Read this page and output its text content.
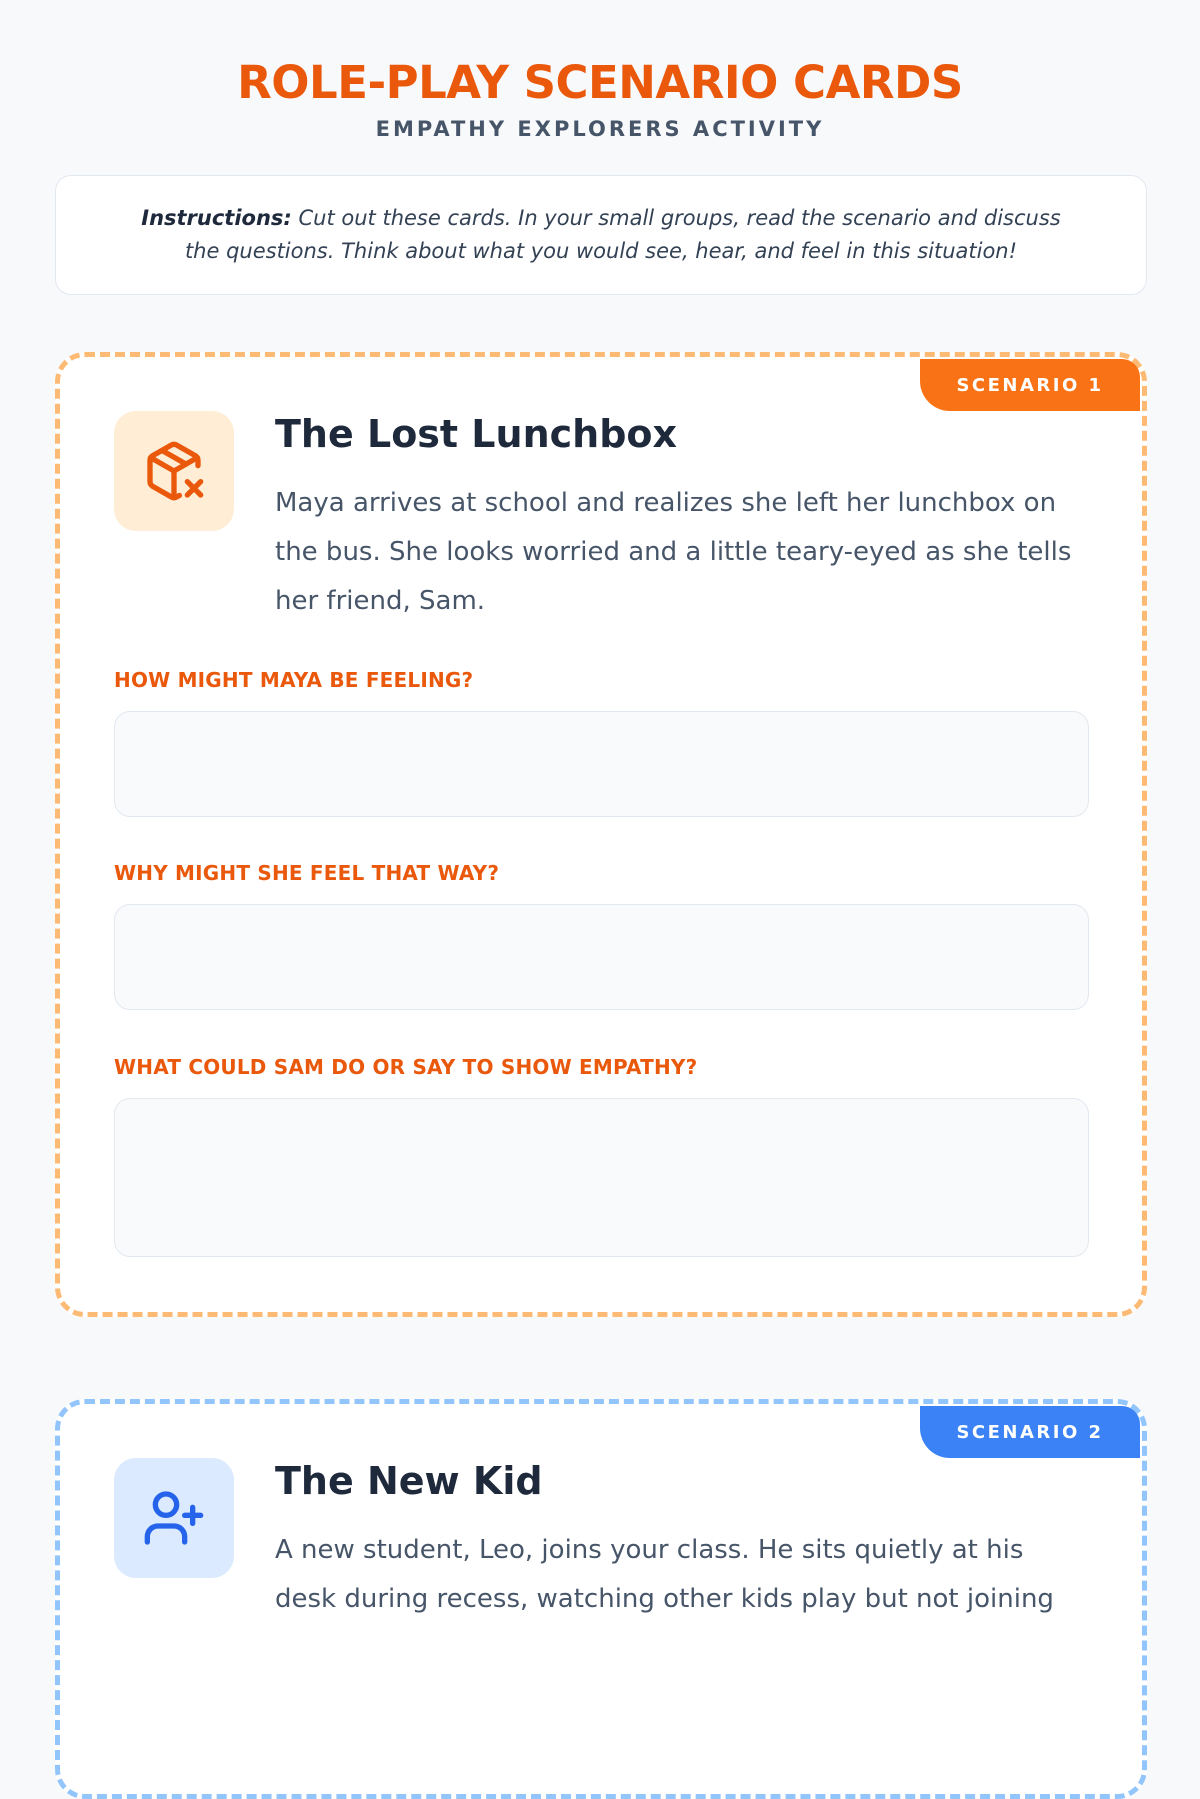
ROLE-PLAY SCENARIO CARDS
EMPATHY EXPLORERS ACTIVITY
Instructions: Cut out these cards. In your small groups, read the scenario and discuss the questions. Think about what you would see, hear, and feel in this situation!
SCENARIO 1
The Lost Lunchbox

Maya arrives at school and realizes she left her lunchbox on the bus. She looks worried and a little teary-eyed as she tells her friend, Sam.

HOW MIGHT MAYA BE FEELING?
WHY MIGHT SHE FEEL THAT WAY?
WHAT COULD SAM DO OR SAY TO SHOW EMPATHY?
SCENARIO 2
The New Kid

A new student, Leo, joins your class. He sits quietly at his desk during recess, watching other kids play but not joining
